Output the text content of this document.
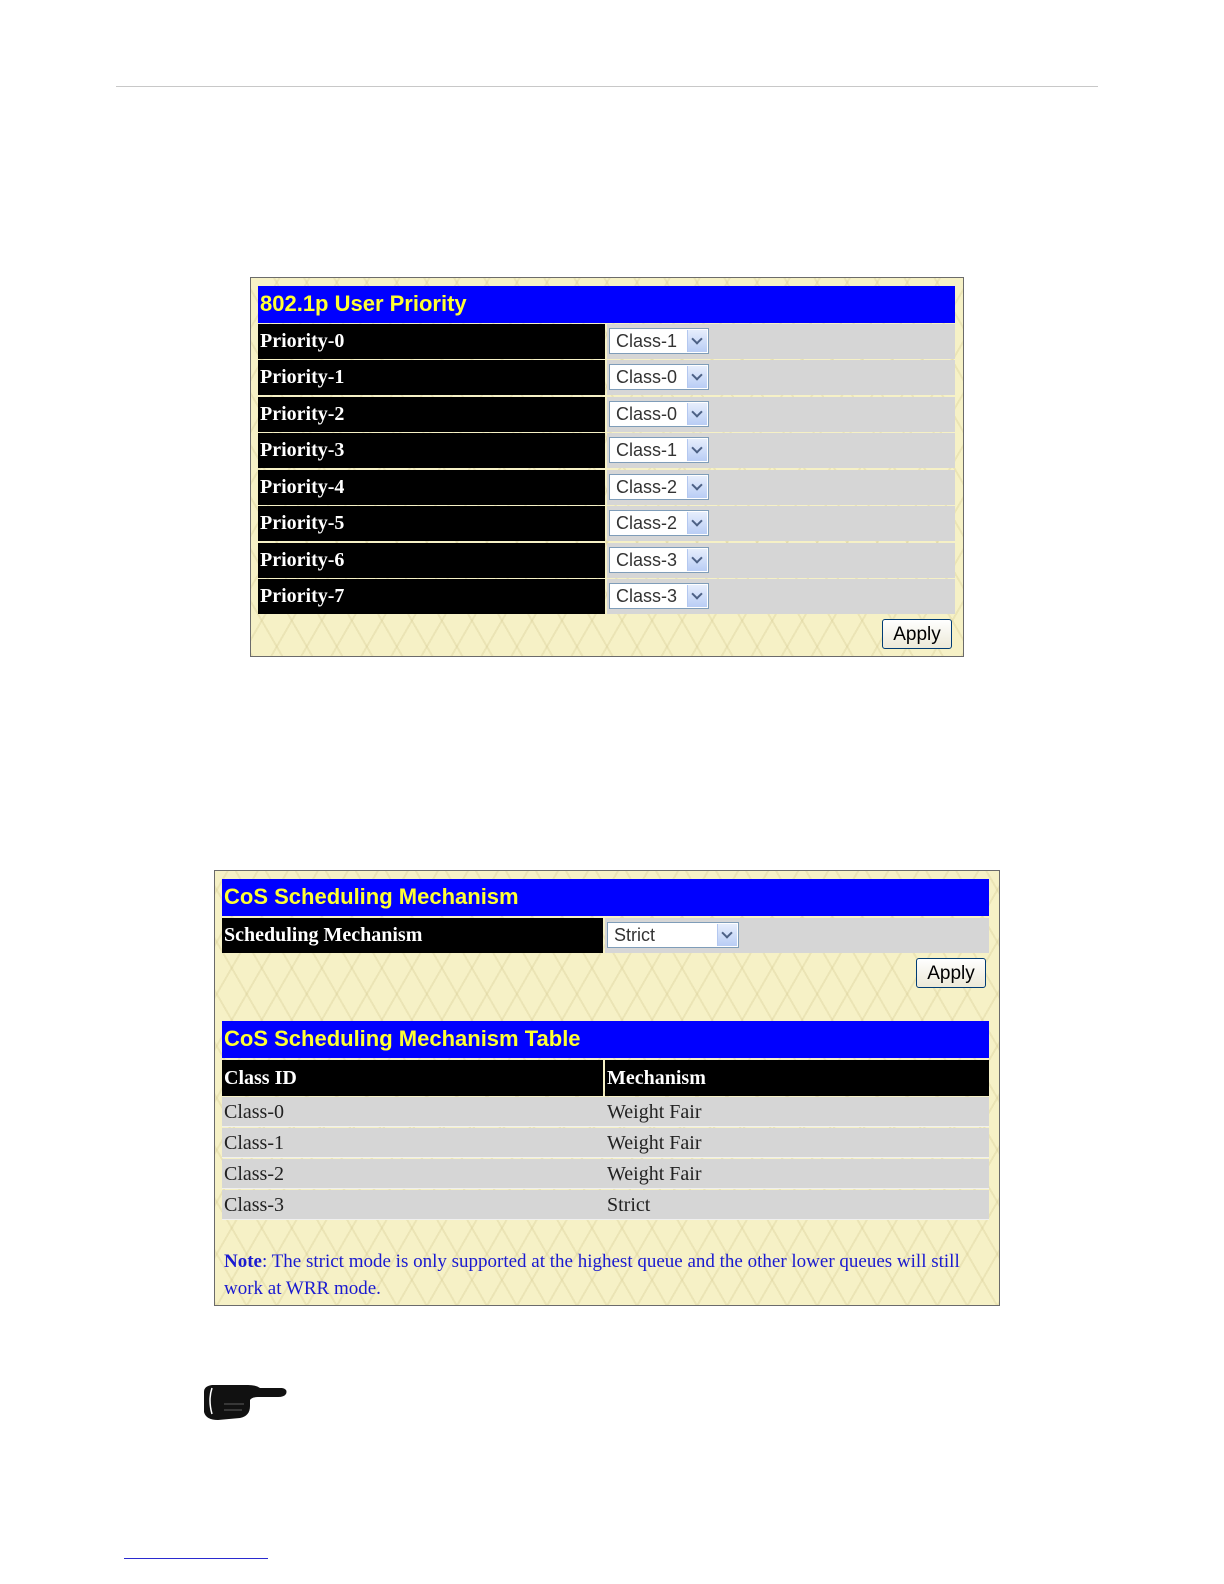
802.1p User Priority
Priority-0	Class-1
Priority-1	Class-0
Priority-2	Class-0
Priority-3	Class-1
Priority-4	Class-2
Priority-5	Class-2
Priority-6	Class-3
Priority-7	Class-3
Apply
CoS Scheduling Mechanism
Scheduling Mechanism	Strict
Apply
CoS Scheduling Mechanism Table
Class ID	Mechanism
Class-0	Weight Fair
Class-1	Weight Fair
Class-2	Weight Fair
Class-3	Strict
Note: The strict mode is only supported at the highest queue and the other lower queues will still work at WRR mode.
